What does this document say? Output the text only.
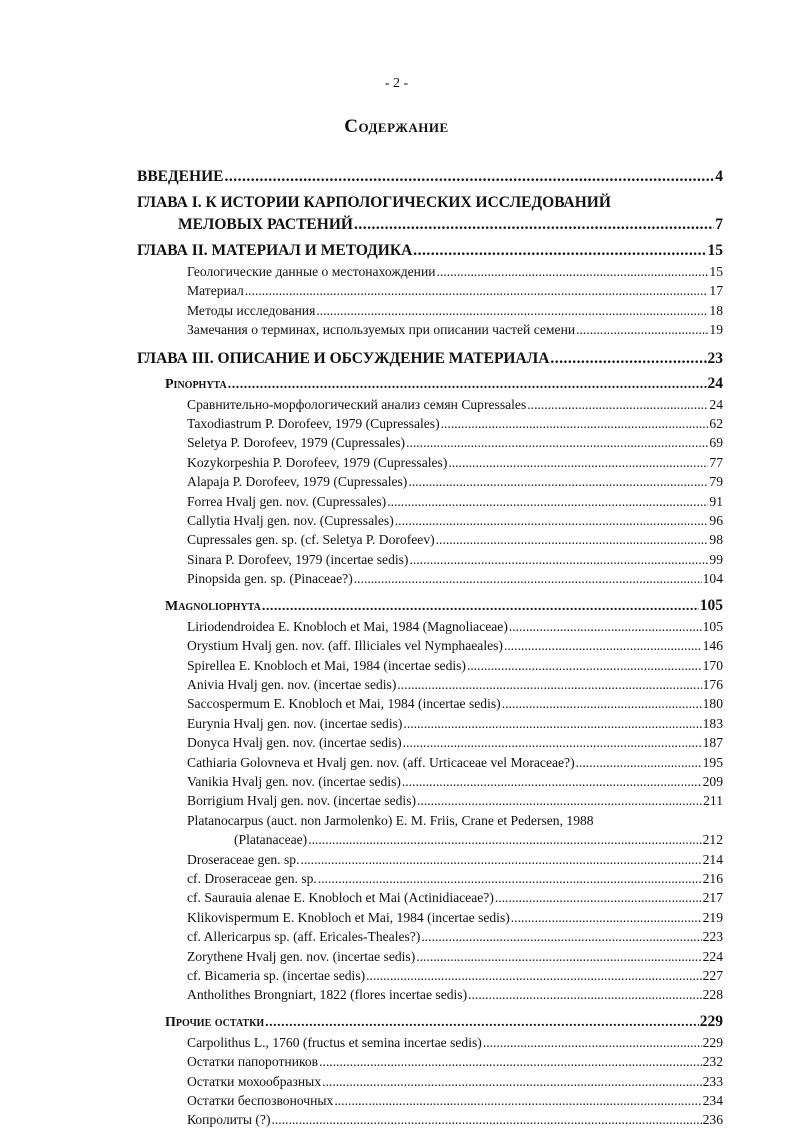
- 2 -
Содержание
ВВЕДЕНИЕ .....	4
ГЛАВА I. К ИСТОРИИ КАРПОЛОГИЧЕСКИХ ИССЛЕДОВАНИЙ
МЕЛОВЫХ РАСТЕНИЙ .....	7
ГЛАВА II. МАТЕРИАЛ И МЕТОДИКА .....	15
Геологические данные о местонахождении .....	15
Материал .....	17
Методы исследования .....	18
Замечания о терминах, используемых при описании частей семени .....	19
ГЛАВА III. ОПИСАНИЕ И ОБСУЖДЕНИЕ МАТЕРИАЛА .....	23
Pinophyta .....	24
Сравнительно-морфологический анализ семян Cupressales .....	24
Taxodiastrum P. Dorofeev, 1979 (Cupressales) .....	62
Seletya P. Dorofeev, 1979 (Cupressales) .....	69
Kozykorpeshia P. Dorofeev, 1979 (Cupressales) .....	77
Alapaja P. Dorofeev, 1979 (Cupressales) .....	79
Forrea Hvalj gen. nov. (Cupressales) .....	91
Callytia Hvalj gen. nov. (Cupressales) .....	96
Cupressales gen. sp. (cf. Seletya P. Dorofeev) .....	98
Sinara P. Dorofeev, 1979 (incertae sedis) .....	99
Pinopsida gen. sp. (Pinaceae?) .....	104
Magnoliophyta .....	105
Liriodendroidea E. Knobloch et Mai, 1984 (Magnoliaceae) .....	105
Orystium Hvalj gen. nov. (aff. Illiciales vel Nymphaeales) .....	146
Spirellea E. Knobloch et Mai, 1984 (incertae sedis) .....	170
Anivia Hvalj gen. nov. (incertae sedis) .....	176
Saccospermum E. Knobloch et Mai, 1984 (incertae sedis) .....	180
Eurynia Hvalj gen. nov. (incertae sedis) .....	183
Donyca Hvalj gen. nov. (incertae sedis) .....	187
Cathiaria Golovneva et Hvalj gen. nov. (aff. Urticaceae vel Moraceae?) .....	195
Vanikia Hvalj gen. nov. (incertae sedis) .....	209
Borrigium Hvalj gen. nov. (incertae sedis) .....	211
Platanocarpus (auct. non Jarmolenko) E. M. Friis, Crane et Pedersen, 1988
(Platanaceae) .....	212
Droseraceae gen. sp. .....	214
cf. Droseraceae gen. sp. .....	216
cf. Saurauia alenae E. Knobloch et Mai (Actinidiaceae?) .....	217
Klikovispermum E. Knobloch et Mai, 1984 (incertae sedis) .....	219
cf. Allericarpus sp. (aff. Ericales-Theales?) .....	223
Zorythene Hvalj gen. nov. (incertae sedis) .....	224
cf. Bicameria sp. (incertae sedis) .....	227
Antholithes Brongniart, 1822 (flores incertae sedis) .....	228
Прочие остатки .....	229
Carpolithus L., 1760 (fructus et semina incertae sedis) .....	229
Остатки папоротников .....	232
Остатки мохообразных .....	233
Остатки беспозвоночных .....	234
Копролиты (?) .....	236
